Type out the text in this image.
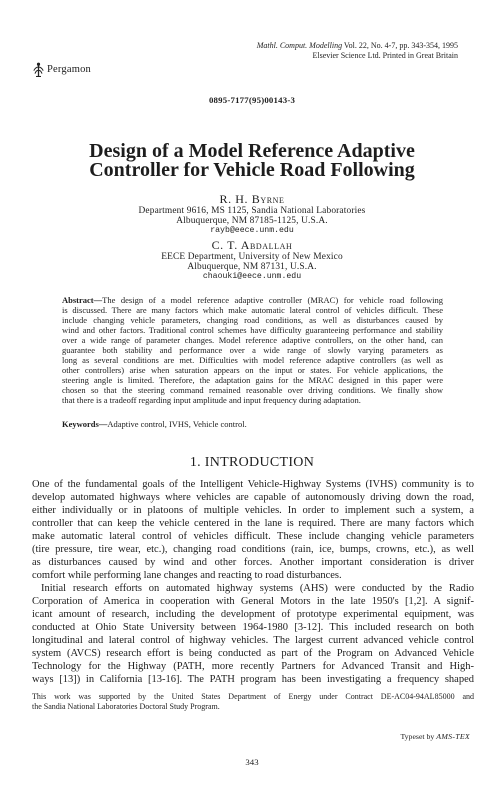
Mathl. Comput. Modelling Vol. 22, No. 4-7, pp. 343-354, 1995
Elsevier Science Ltd. Printed in Great Britain
Pergamon
0895-7177(95)00143-3
Design of a Model Reference Adaptive
Controller for Vehicle Road Following
R. H. Byrne
Department 9616, MS 1125, Sandia National Laboratories
Albuquerque, NM 87185-1125, U.S.A.
rayb@eece.unm.edu
C. T. Abdallah
EECE Department, University of New Mexico
Albuquerque, NM 87131, U.S.A.
chaouki@eece.unm.edu
Abstract—The design of a model reference adaptive controller (MRAC) for vehicle road following
is discussed. There are many factors which make automatic lateral control of vehicles difficult. These
include changing vehicle parameters, changing road conditions, as well as disturbances caused by
wind and other factors. Traditional control schemes have difficulty guaranteeing performance and stability
over a wide range of parameter changes. Model reference adaptive controllers, on the other hand, can
guarantee both stability and performance over a wide range of slowly varying parameters as
long as several conditions are met. Difficulties with model reference adaptive controllers (as well as
other controllers) arise when saturation appears on the input or states. For vehicle applications, the
steering angle is limited. Therefore, the adaptation gains for the MRAC designed in this paper were
chosen so that the steering command remained reasonable over driving conditions. We finally show
that there is a tradeoff regarding input amplitude and input frequency during adaptation.
Keywords—Adaptive control, IVHS, Vehicle control.
1. INTRODUCTION
One of the fundamental goals of the Intelligent Vehicle-Highway Systems (IVHS) community is to
develop automated highways where vehicles are capable of autonomously driving down the road,
either individually or in platoons of multiple vehicles. In order to implement such a system, a
controller that can keep the vehicle centered in the lane is required. There are many factors which
make automatic lateral control of vehicles difficult. These include changing vehicle parameters
(tire pressure, tire wear, etc.), changing road conditions (rain, ice, bumps, crowns, etc.), as well
as disturbances caused by wind and other forces. Another important consideration is driver
comfort while performing lane changes and reacting to road disturbances.
Initial research efforts on automated highway systems (AHS) were conducted by the Radio
Corporation of America in cooperation with General Motors in the late 1950's [1,2]. A signif-
icant amount of research, including the development of prototype experimental equipment, was
conducted at Ohio State University between 1964-1980 [3-12]. This included research on both
longitudinal and lateral control of highway vehicles. The largest current advanced vehicle control
system (AVCS) research effort is being conducted as part of the Program on Advanced Vehicle
Technology for the Highway (PATH, more recently Partners for Advanced Transit and High-
ways [13]) in California [13-16]. The PATH program has been investigating a frequency shaped
This work was supported by the United States Department of Energy under Contract DE-AC04-94AL85000 and
the Sandia National Laboratories Doctoral Study Program.
Typeset by AMS-TEX
343
